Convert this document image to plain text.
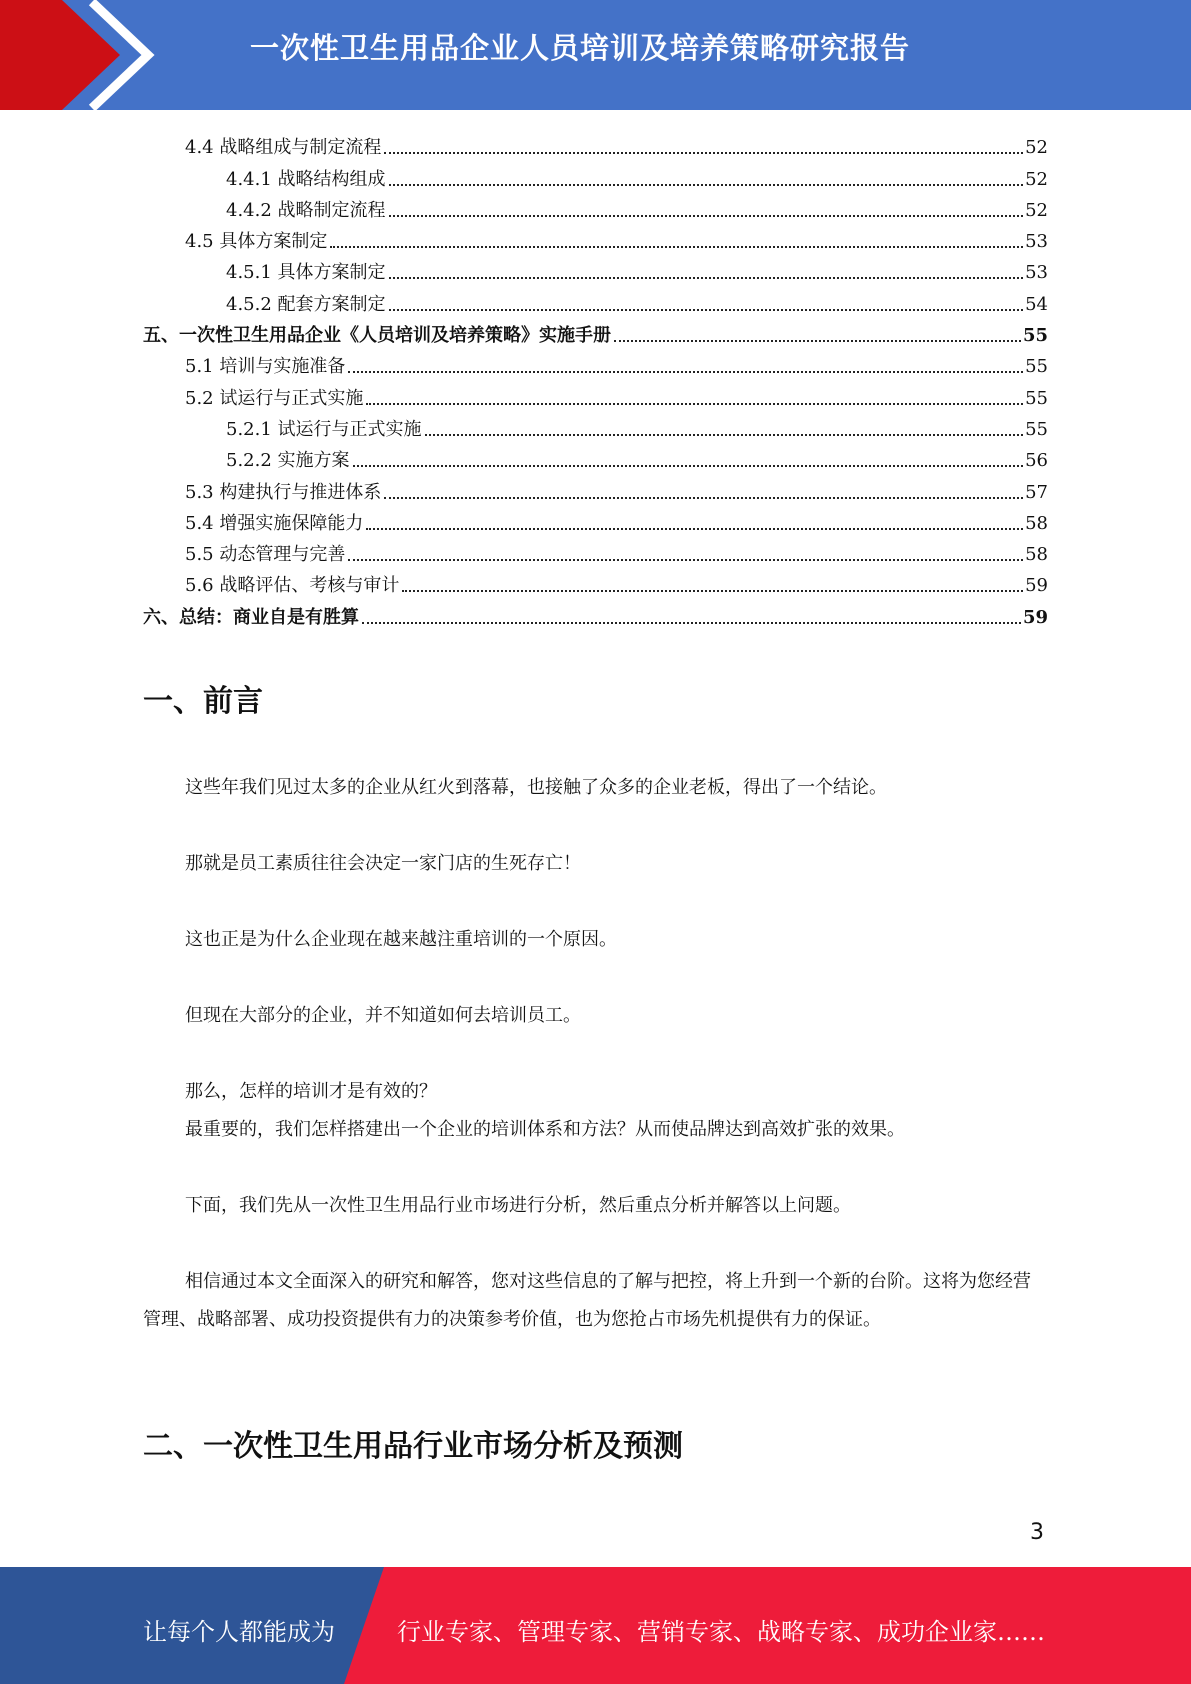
一次性卫生用品企业人员培训及培养策略研究报告
4.4 战略组成与制定流程	52
4.4.1 战略结构组成	52
4.4.2 战略制定流程	52
4.5 具体方案制定	53
4.5.1 具体方案制定	53
4.5.2 配套方案制定	54
五、一次性卫生用品企业《人员培训及培养策略》实施手册	55
5.1 培训与实施准备	55
5.2 试运行与正式实施	55
5.2.1 试运行与正式实施	55
5.2.2 实施方案	56
5.3 构建执行与推进体系	57
5.4 增强实施保障能力	58
5.5 动态管理与完善	58
5.6 战略评估、考核与审计	59
六、总结：商业自是有胜算	59
一、前言

这些年我们见过太多的企业从红火到落幕，也接触了众多的企业老板，得出了一个结论。

那就是员工素质往往会决定一家门店的生死存亡！

这也正是为什么企业现在越来越注重培训的一个原因。

但现在大部分的企业，并不知道如何去培训员工。

那么，怎样的培训才是有效的？

最重要的，我们怎样搭建出一个企业的培训体系和方法？从而使品牌达到高效扩张的效果。

下面，我们先从一次性卫生用品行业市场进行分析，然后重点分析并解答以上问题。

相信通过本文全面深入的研究和解答，您对这些信息的了解与把控，将上升到一个新的台阶。这将为您经营管理、战略部署、成功投资提供有力的决策参考价值，也为您抢占市场先机提供有力的保证。

二、一次性卫生用品行业市场分析及预测
3
让每个人都能成为	行业专家、管理专家、营销专家、战略专家、成功企业家……
